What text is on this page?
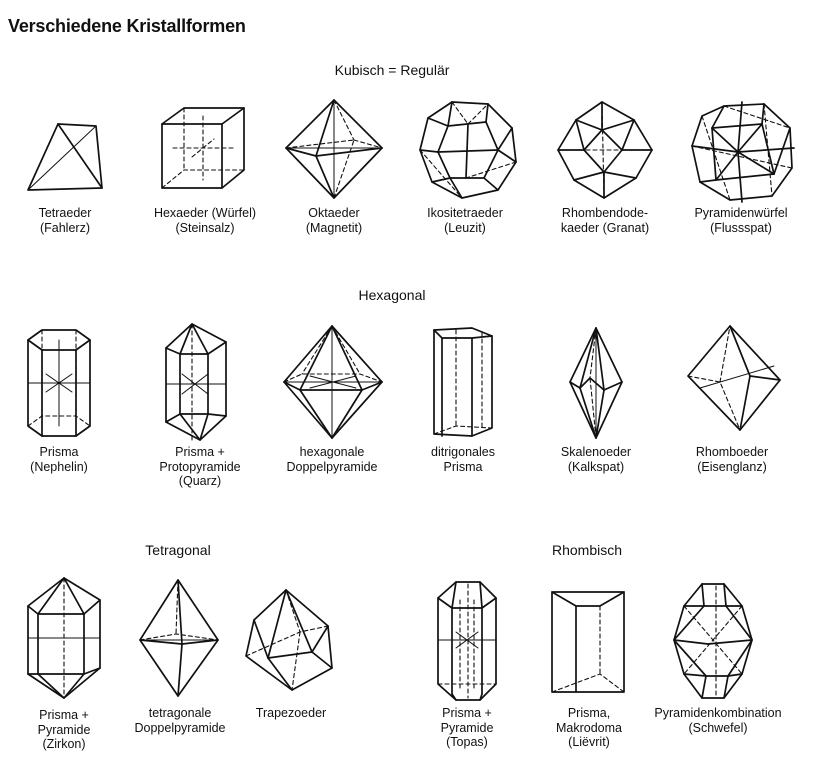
Verschiedene Kristallformen
Kubisch = Regulär
Hexagonal
Tetragonal	Rhombisch
Tetraeder
(Fahlerz)
Hexaeder (Würfel)
(Steinsalz)
Oktaeder
(Magnetit)
Ikositetraeder
(Leuzit)
Rhombendode-
kaeder (Granat)
Pyramidenwürfel
(Flussspat)
Prisma
(Nephelin)
Prisma +
Protopyramide
(Quarz)
hexagonale
Doppelpyramide
ditrigonales
Prisma
Skalenoeder
(Kalkspat)
Rhomboeder
(Eisenglanz)
Prisma +
Pyramide
(Zirkon)
tetragonale
Doppelpyramide
Trapezoeder	Prisma +
Pyramide
(Topas)
Prisma,
Makrodoma
(Liëvrit)
Pyramidenkombination
(Schwefel)
